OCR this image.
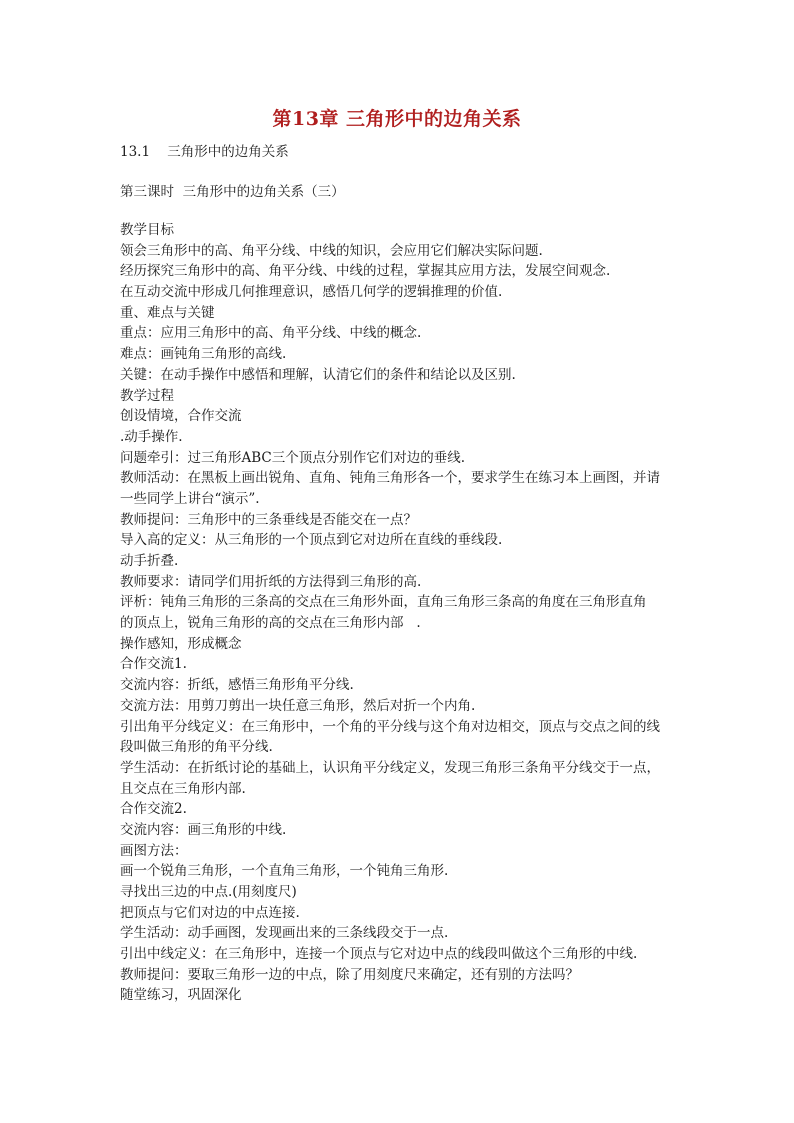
第13章 三角形中的边角关系
13.1    三角形中的边角关系
第三课时  三角形中的边角关系（三）
教学目标
领会三角形中的高、角平分线、中线的知识，会应用它们解决实际问题.
经历探究三角形中的高、角平分线、中线的过程，掌握其应用方法，发展空间观念.
在互动交流中形成几何推理意识，感悟几何学的逻辑推理的价值.
重、难点与关键
重点：应用三角形中的高、角平分线、中线的概念.
难点：画钝角三角形的高线.
关键：在动手操作中感悟和理解，认清它们的条件和结论以及区别.
教学过程
创设情境，合作交流
.动手操作.
问题牵引：过三角形ABC三个顶点分别作它们对边的垂线.
教师活动：在黑板上画出锐角、直角、钝角三角形各一个，要求学生在练习本上画图，并请
一些同学上讲台“演示”.
教师提问：三角形中的三条垂线是否能交在一点？
导入高的定义：从三角形的一个顶点到它对边所在直线的垂线段.
动手折叠.
教师要求：请同学们用折纸的方法得到三角形的高.
评析：钝角三角形的三条高的交点在三角形外面，直角三角形三条高的角度在三角形直角
的顶点上，锐角三角形的高的交点在三角形内部   .
操作感知，形成概念
合作交流1.
交流内容：折纸，感悟三角形角平分线.
交流方法：用剪刀剪出一块任意三角形，然后对折一个内角.
引出角平分线定义：在三角形中，一个角的平分线与这个角对边相交，顶点与交点之间的线
段叫做三角形的角平分线.
学生活动：在折纸讨论的基础上，认识角平分线定义，发现三角形三条角平分线交于一点，
且交点在三角形内部.
合作交流2.
交流内容：画三角形的中线.
画图方法：
画一个锐角三角形，一个直角三角形，一个钝角三角形.
寻找出三边的中点.(用刻度尺)
把顶点与它们对边的中点连接.
学生活动：动手画图，发现画出来的三条线段交于一点.
引出中线定义：在三角形中，连接一个顶点与它对边中点的线段叫做这个三角形的中线.
教师提问：要取三角形一边的中点，除了用刻度尺来确定，还有别的方法吗？
随堂练习，巩固深化
